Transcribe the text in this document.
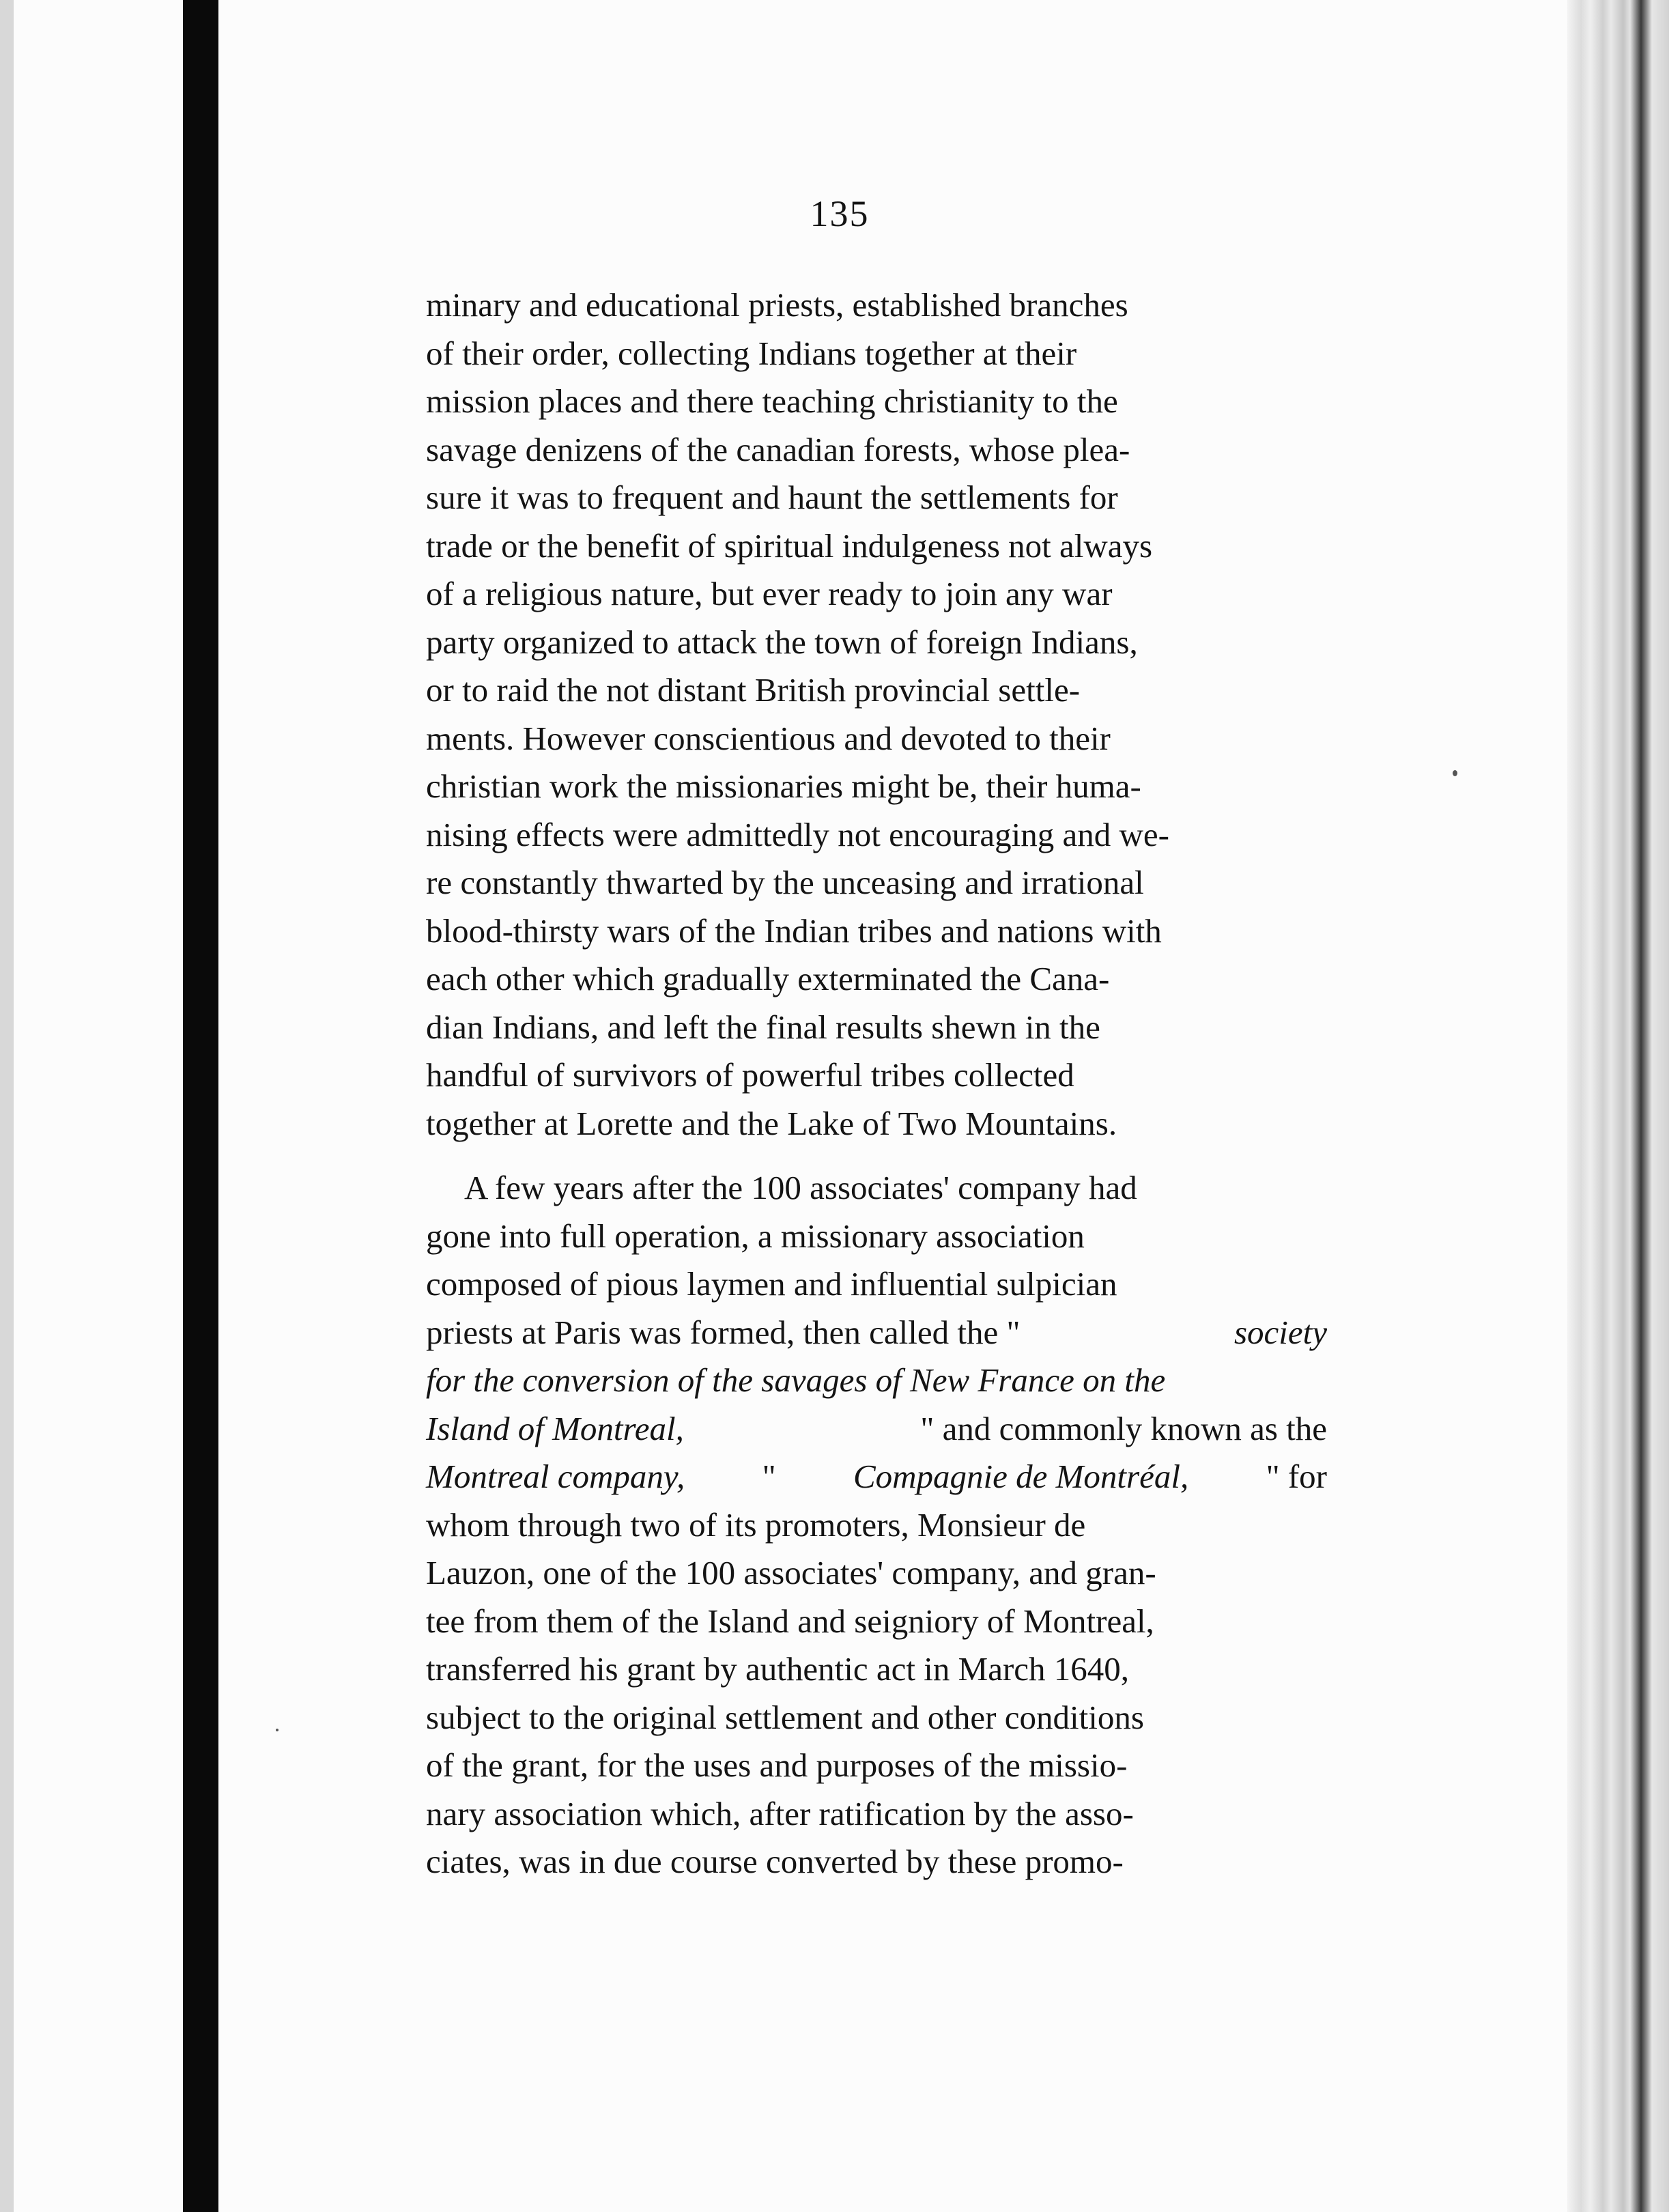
135
minary and educational priests, established branches
of their order, collecting Indians together at their
mission places and there teaching christianity to the
savage denizens of the canadian forests, whose plea-
sure it was to frequent and haunt the settlements for
trade or the benefit of spiritual indulgeness not always
of a religious nature, but ever ready to join any war
party organized to attack the town of foreign Indians,
or to raid the not distant British provincial settle-
ments. However conscientious and devoted to their
christian work the missionaries might be, their huma-
nising effects were admittedly not encouraging and we-
re constantly thwarted by the unceasing and irrational
blood-thirsty wars of the Indian tribes and nations with
each other which gradually exterminated the Cana-
dian Indians, and left the final results shewn in the
handful of survivors of powerful tribes collected
together at Lorette and the Lake of Two Mountains.
A few years after the 100 associates' company had
gone into full operation, a missionary association
composed of pious laymen and influential sulpician
priests at Paris was formed, then called the "	society
for the conversion of the savages of New France on the
Island of Montreal,	" and commonly known as the
Montreal company, " Compagnie de Montréal, " for
whom through two of its promoters, Monsieur de
Lauzon, one of the 100 associates' company, and gran-
tee from them of the Island and seigniory of Montreal,
transferred his grant by authentic act in March 1640,
subject to the original settlement and other conditions
of the grant, for the uses and purposes of the missio-
nary association which, after ratification by the asso-
ciates, was in due course converted by these promo-
